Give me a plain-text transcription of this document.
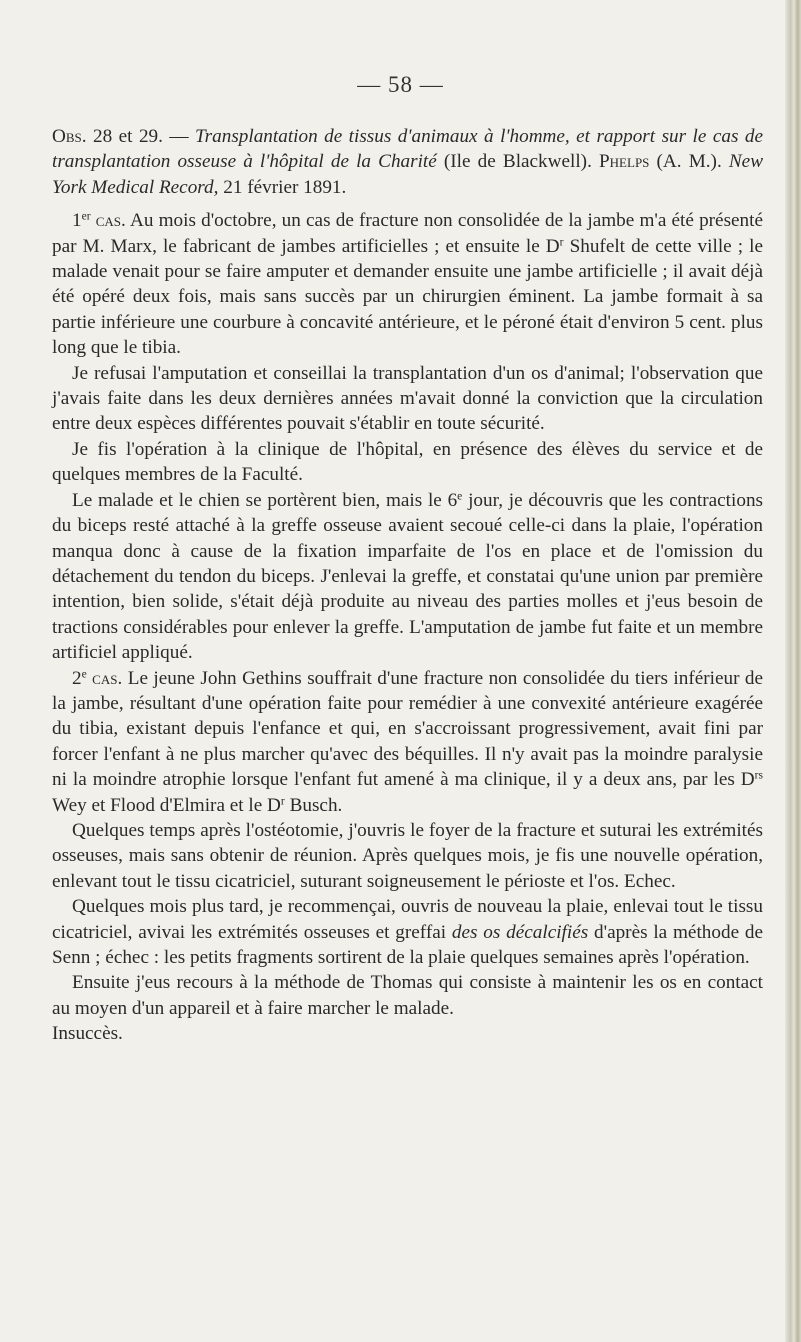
— 58 —

Obs. 28 et 29. — Transplantation de tissus d'animaux à l'homme, et rapport sur le cas de transplantation osseuse à l'hôpital de la Charité (Ile de Blackwell). Phelps (A. M.). New York Medical Record, 21 février 1891.

1er cas. Au mois d'octobre, un cas de fracture non consolidée de la jambe m'a été présenté par M. Marx, le fabricant de jambes artificielles ; et ensuite le $D^r$ Shufelt de cette ville ; le malade venait pour se faire amputer et demander ensuite une jambe artificielle ; il avait déjà été opéré deux fois, mais sans succès par un chirurgien éminent. La jambe formait à sa partie inférieure une courbure à concavité antérieure, et le péroné était d'environ 5 cent. plus long que le tibia.

Je refusai l'amputation et conseillai la transplantation d'un os d'animal; l'observation que j'avais faite dans les deux dernières années m'avait donné la conviction que la circulation entre deux espèces différentes pouvait s'établir en toute sécurité.

Je fis l'opération à la clinique de l'hôpital, en présence des élèves du service et de quelques membres de la Faculté.

Le malade et le chien se portèrent bien, mais le 6e jour, je découvris que les contractions du biceps resté attaché à la greffe osseuse avaient secoué celle-ci dans la plaie, l'opération manqua donc à cause de la fixation imparfaite de l'os en place et de l'omission du détachement du tendon du biceps. J'enlevai la greffe, et constatai qu'une union par première intention, bien solide, s'était déjà produite au niveau des parties molles et j'eus besoin de tractions considérables pour enlever la greffe. L'amputation de jambe fut faite et un membre artificiel appliqué.

2e cas. Le jeune John Gethins souffrait d'une fracture non consolidée du tiers inférieur de la jambe, résultant d'une opération faite pour remédier à une convexité antérieure exagérée du tibia, existant depuis l'enfance et qui, en s'accroissant progressivement, avait fini par forcer l'enfant à ne plus marcher qu'avec des béquilles. Il n'y avait pas la moindre paralysie ni la moindre atrophie lorsque l'enfant fut amené à ma clinique, il y a deux ans, par les $D^{rs}$ Wey et Flood d'Elmira et le $D^r$ Busch.

Quelques temps après l'ostéotomie, j'ouvris le foyer de la fracture et suturai les extrémités osseuses, mais sans obtenir de réunion. Après quelques mois, je fis une nouvelle opération, enlevant tout le tissu cicatriciel, suturant soigneusement le périoste et l'os. Echec.

Quelques mois plus tard, je recommençai, ouvris de nouveau la plaie, enlevai tout le tissu cicatriciel, avivai les extrémités osseuses et greffai des os décalcifiés d'après la méthode de Senn ; échec : les petits fragments sortirent de la plaie quelques semaines après l'opération.

Ensuite j'eus recours à la méthode de Thomas qui consiste à maintenir les os en contact au moyen d'un appareil et à faire marcher le malade.

Insuccès.
